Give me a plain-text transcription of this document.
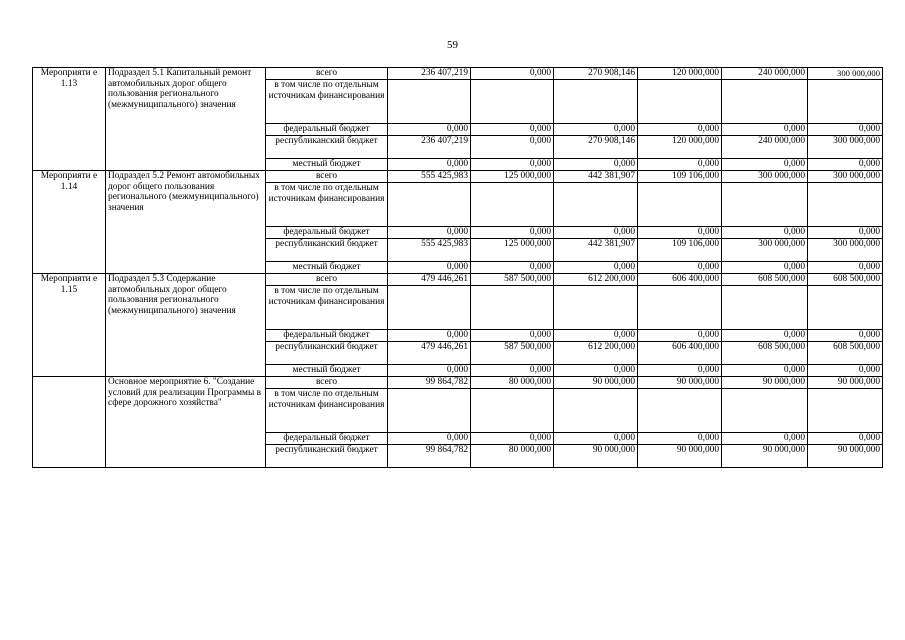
59
Мероприяти е 1.13	Подраздел 5.1 Капитальный ремонт автомобильных дорог общего пользования регионального (межмуниципального) значения	всего	236 407,219	0,000	270 908,146	120 000,000	240 000,000	300 000,000
		в том числе по отдельным источникам финансирования						
		федеральный бюджет	0,000	0,000	0,000	0,000	0,000	0,000
		республиканский бюджет	236 407,219	0,000	270 908,146	120 000,000	240 000,000	300 000,000
		местный бюджет	0,000	0,000	0,000	0,000	0,000	0,000
Мероприяти е 1.14	Подраздел 5.2 Ремонт автомобильных дорог общего пользования регионального (межмуниципального) значения	всего	555 425,983	125 000,000	442 381,907	109 106,000	300 000,000	300 000,000
		в том числе по отдельным источникам финансирования						
		федеральный бюджет	0,000	0,000	0,000	0,000	0,000	0,000
		республиканский бюджет	555 425,983	125 000,000	442 381,907	109 106,000	300 000,000	300 000,000
		местный бюджет	0,000	0,000	0,000	0,000	0,000	0,000
Мероприяти е 1.15	Подраздел 5.3 Содержание автомобильных дорог общего пользования регионального (межмуниципального) значения	всего	479 446,261	587 500,000	612 200,000	606 400,000	608 500,000	608 500,000
		в том числе по отдельным источникам финансирования						
		федеральный бюджет	0,000	0,000	0,000	0,000	0,000	0,000
		республиканский бюджет	479 446,261	587 500,000	612 200,000	606 400,000	608 500,000	608 500,000
		местный бюджет	0,000	0,000	0,000	0,000	0,000	0,000
	Основное мероприятие 6. "Создание условий для реализации Программы в сфере дорожного хозяйства"	всего	99 864,782	80 000,000	90 000,000	90 000,000	90 000,000	90 000,000
		в том числе по отдельным источникам финансирования						
		федеральный бюджет	0,000	0,000	0,000	0,000	0,000	0,000
		республиканский бюджет	99 864,782	80 000,000	90 000,000	90 000,000	90 000,000	90 000,000
